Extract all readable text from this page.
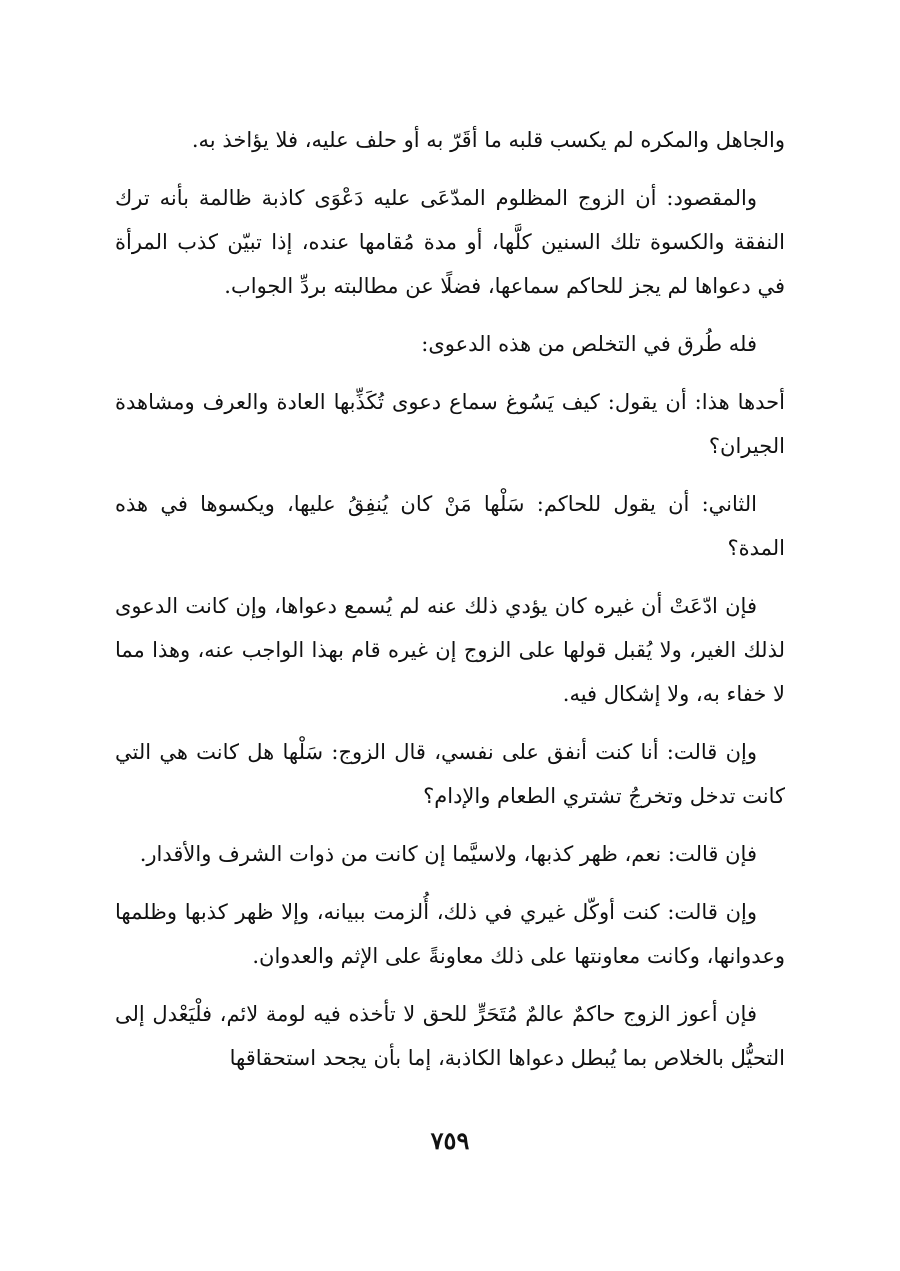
والجاهل والمكره لم يكسب قلبه ما أقَرّ به أو حلف عليه، فلا يؤاخذ به.

والمقصود: أن الزوج المظلوم المدّعَى عليه دَعْوَى كاذبة ظالمة بأنه ترك النفقة والكسوة تلك السنين كلَّها، أو مدة مُقامها عنده، إذا تبيّن كذب المرأة في دعواها لم يجز للحاكم سماعها، فضلًا عن مطالبته بردِّ الجواب.

فله طُرق في التخلص من هذه الدعوى:

أحدها هذا: أن يقول: كيف يَسُوغ سماع دعوى تُكَذِّبها العادة والعرف ومشاهدة الجيران؟

الثاني: أن يقول للحاكم: سَلْها مَنْ كان يُنفِقُ عليها، ويكسوها في هذه المدة؟

فإن ادّعَتْ أن غيره كان يؤدي ذلك عنه لم يُسمع دعواها، وإن كانت الدعوى لذلك الغير، ولا يُقبل قولها على الزوج إن غيره قام بهذا الواجب عنه، وهذا مما لا خفاء به، ولا إشكال فيه.

وإن قالت: أنا كنت أنفق على نفسي، قال الزوج: سَلْها هل كانت هي التي كانت تدخل وتخرجُ تشتري الطعام والإدام؟

فإن قالت: نعم، ظهر كذبها، ولاسيَّما إن كانت من ذوات الشرف والأقدار.

وإن قالت: كنت أوكّل غيري في ذلك، أُلزمت ببيانه، وإلا ظهر كذبها وظلمها وعدوانها، وكانت معاونتها على ذلك معاونةً على الإثم والعدوان.

فإن أعوز الزوج حاكمٌ عالمٌ مُتَحَرٍّ للحق لا تأخذه فيه لومة لائم، فلْيَعْدل إلى التحيُّل بالخلاص بما يُبطل دعواها الكاذبة، إما بأن يجحد استحقاقها

٧٥٩
